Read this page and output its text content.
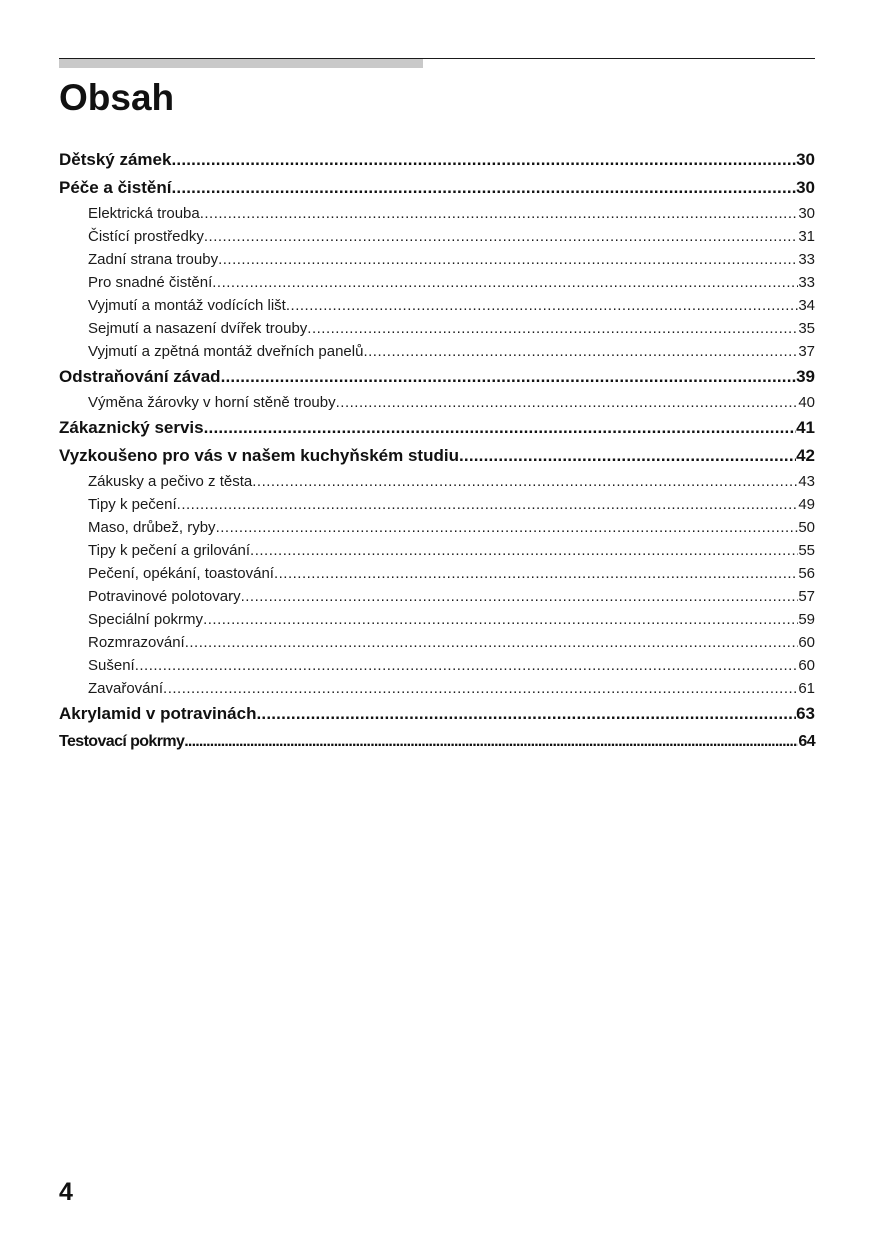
Obsah
Dětský zámek .....	30
Péče a čistění .....	30
Elektrická trouba .....	30
Čistící prostředky .....	31
Zadní strana trouby .....	33
Pro snadné čistění .....	33
Vyjmutí a montáž vodících lišt .....	34
Sejmutí a nasazení dvířek trouby .....	35
Vyjmutí a zpětná montáž dveřních panelů .....	37
Odstraňování závad .....	39
Výměna žárovky v horní stěně trouby .....	40
Zákaznický servis .....	41
Vyzkoušeno pro vás v našem kuchyňském studiu .....	42
Zákusky a pečivo z těsta .....	43
Tipy k pečení .....	49
Maso, drůbež, ryby .....	50
Tipy k pečení a grilování .....	55
Pečení, opékání, toastování .....	56
Potravinové polotovary .....	57
Speciální pokrmy .....	59
Rozmrazování .....	60
Sušení .....	60
Zavařování .....	61
Akrylamid v potravinách .....	63
Testovací pokrmy .....	64
4
